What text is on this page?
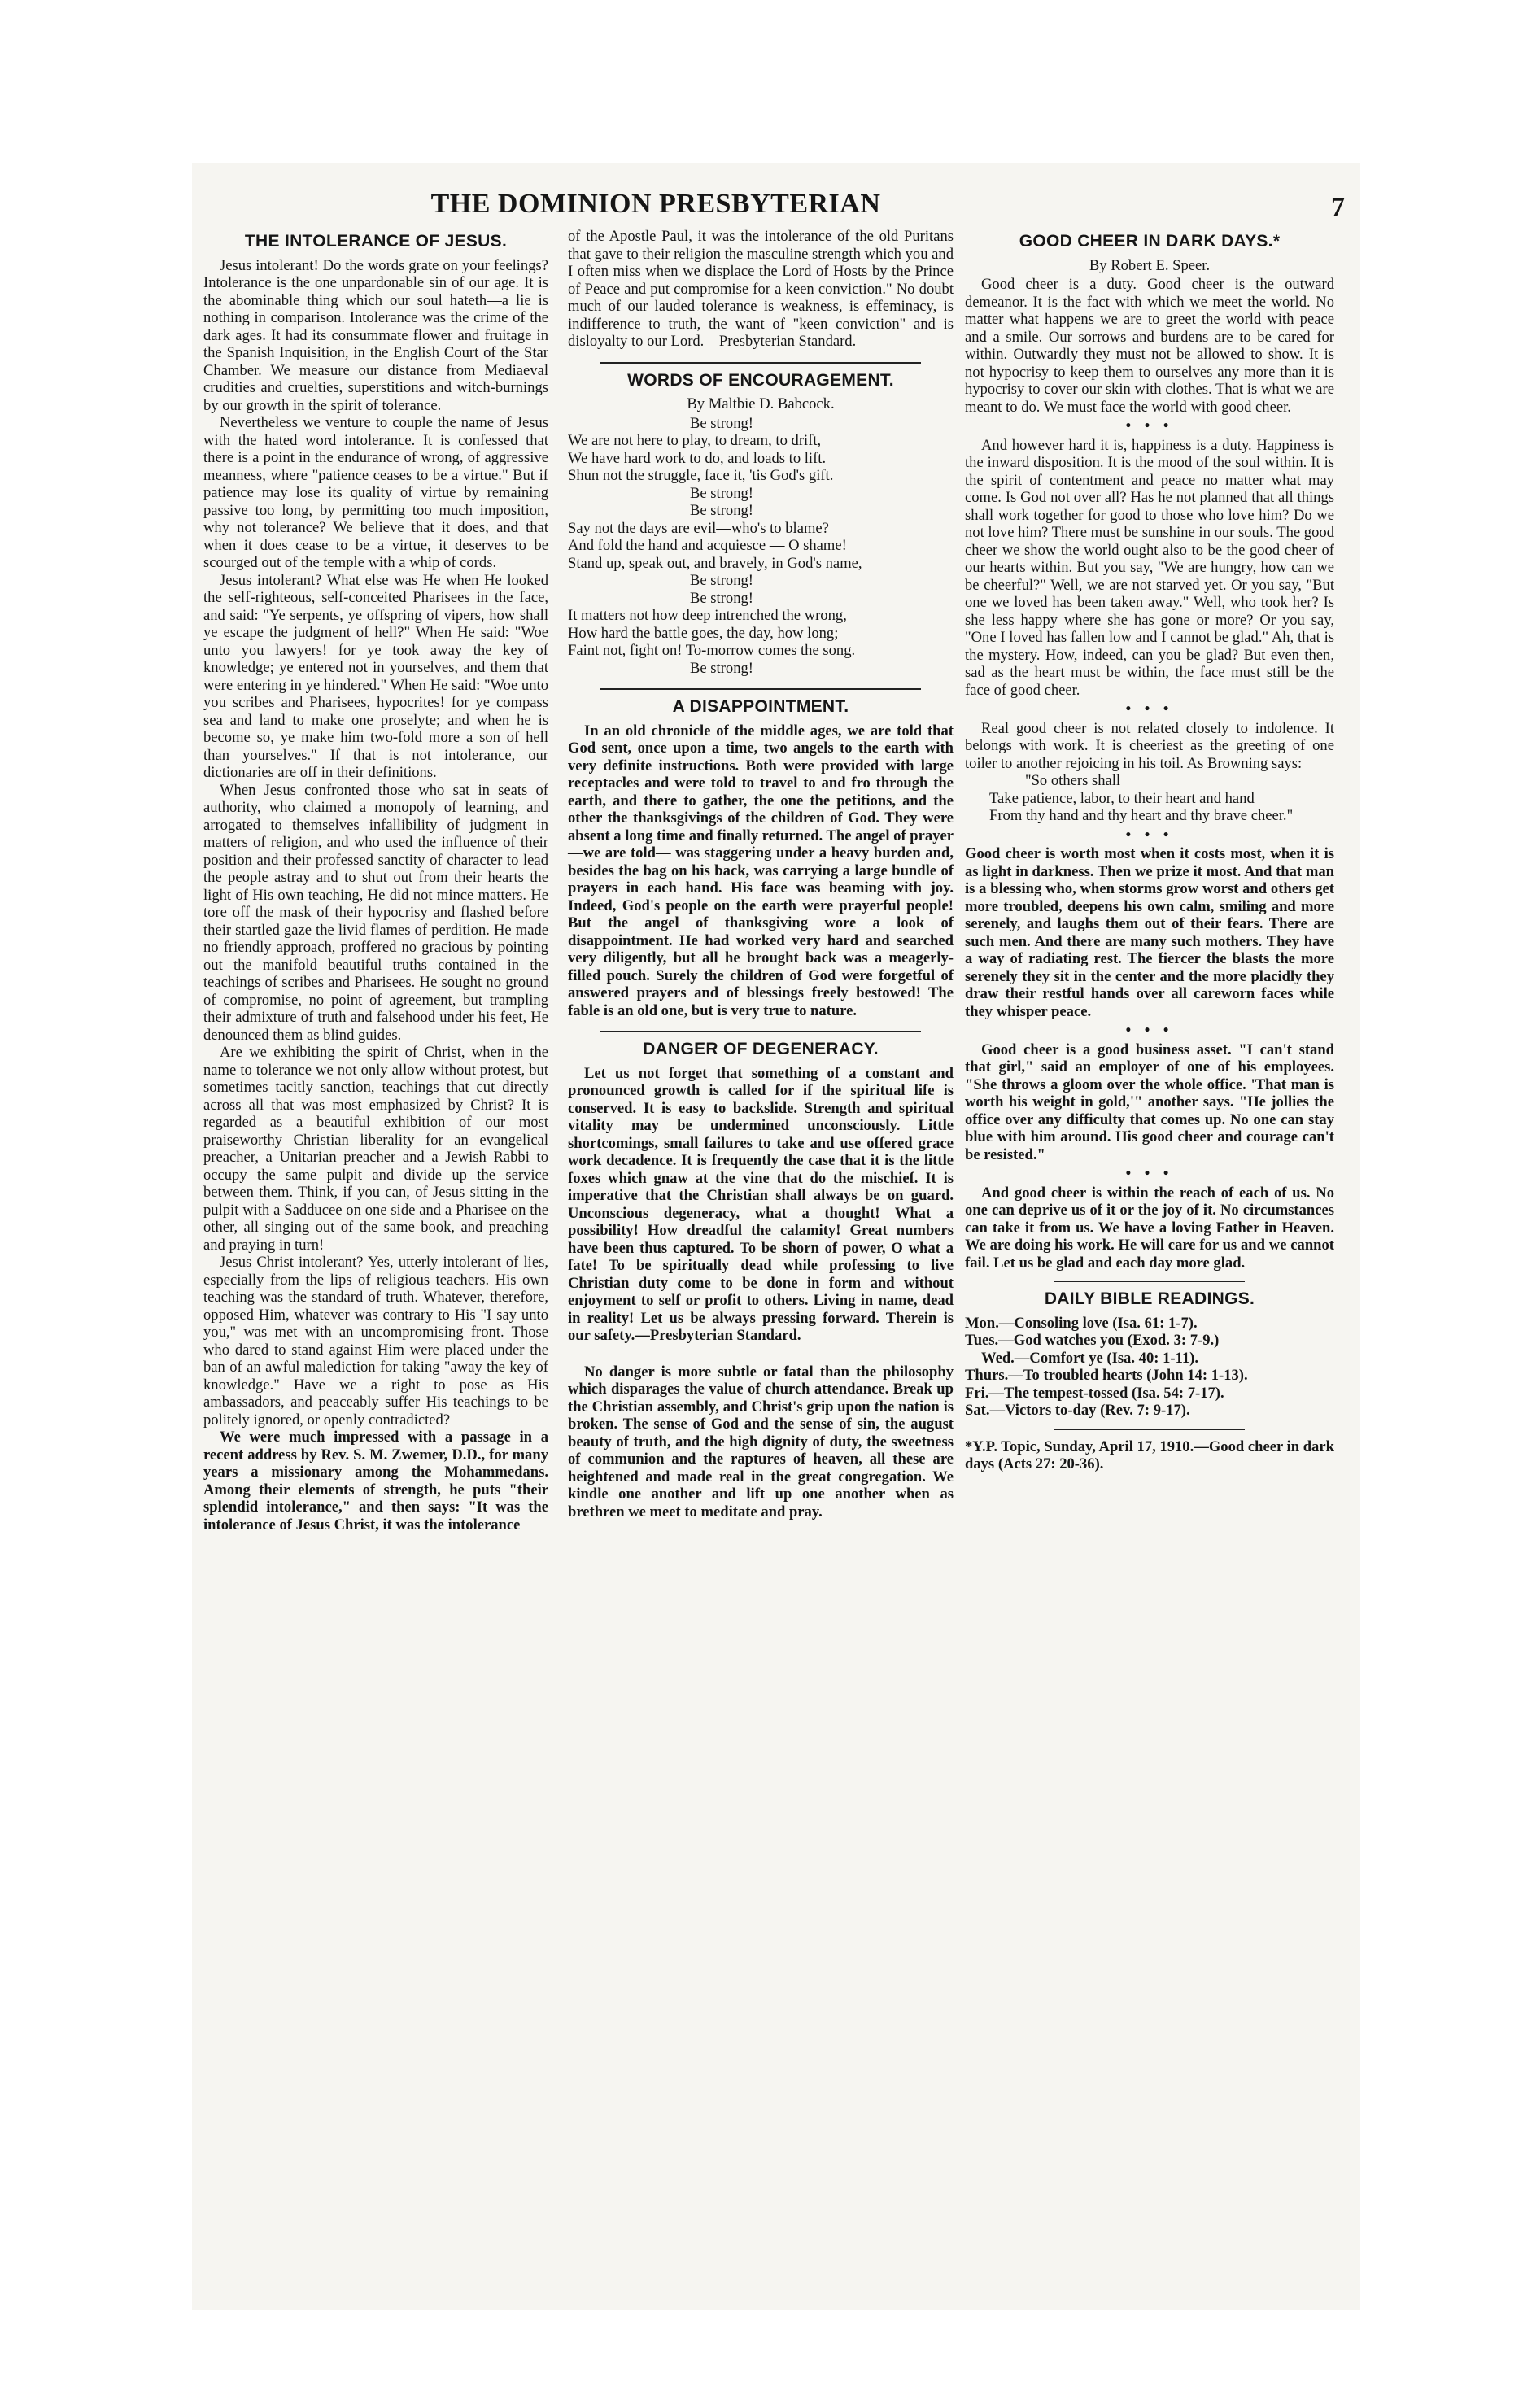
THE DOMINION PRESBYTERIAN	7
THE INTOLERANCE OF JESUS.

Jesus intolerant! Do the words grate on your feelings? Intolerance is the one unpardonable sin of our age. It is the abominable thing which our soul hateth—a lie is nothing in comparison. Intolerance was the crime of the dark ages. It had its consummate flower and fruitage in the Spanish Inquisition, in the English Court of the Star Chamber. We measure our distance from Mediaeval crudities and cruelties, superstitions and witch-burnings by our growth in the spirit of tolerance.

Nevertheless we venture to couple the name of Jesus with the hated word intolerance. It is confessed that there is a point in the endurance of wrong, of aggressive meanness, where "patience ceases to be a virtue." But if patience may lose its quality of virtue by remaining passive too long, by permitting too much imposition, why not tolerance? We believe that it does, and that when it does cease to be a virtue, it deserves to be scourged out of the temple with a whip of cords.

Jesus intolerant? What else was He when He looked the self-righteous, self-conceited Pharisees in the face, and said: "Ye serpents, ye offspring of vipers, how shall ye escape the judgment of hell?" When He said: "Woe unto you lawyers! for ye took away the key of knowledge; ye entered not in yourselves, and them that were entering in ye hindered." When He said: "Woe unto you scribes and Pharisees, hypocrites! for ye compass sea and land to make one proselyte; and when he is become so, ye make him two-fold more a son of hell than yourselves." If that is not intolerance, our dictionaries are off in their definitions.

When Jesus confronted those who sat in seats of authority, who claimed a monopoly of learning, and arrogated to themselves infallibility of judgment in matters of religion, and who used the influence of their position and their professed sanctity of character to lead the people astray and to shut out from their hearts the light of His own teaching, He did not mince matters. He tore off the mask of their hypocrisy and flashed before their startled gaze the livid flames of perdition. He made no friendly approach, proffered no gracious by pointing out the manifold beautiful truths contained in the teachings of scribes and Pharisees. He sought no ground of compromise, no point of agreement, but trampling their admixture of truth and falsehood under his feet, He denounced them as blind guides.

Are we exhibiting the spirit of Christ, when in the name to tolerance we not only allow without protest, but sometimes tacitly sanction, teachings that cut directly across all that was most emphasized by Christ? It is regarded as a beautiful exhibition of our most praiseworthy Christian liberality for an evangelical preacher, a Unitarian preacher and a Jewish Rabbi to occupy the same pulpit and divide up the service between them. Think, if you can, of Jesus sitting in the pulpit with a Sadducee on one side and a Pharisee on the other, all singing out of the same book, and preaching and praying in turn!

Jesus Christ intolerant? Yes, utterly intolerant of lies, especially from the lips of religious teachers. His own teaching was the standard of truth. Whatever, therefore, opposed Him, whatever was contrary to His "I say unto you," was met with an uncompromising front. Those who dared to stand against Him were placed under the ban of an awful malediction for taking "away the key of knowledge." Have we a right to pose as His ambassadors, and peaceably suffer His teachings to be politely ignored, or openly contradicted?

We were much impressed with a passage in a recent address by Rev. S. M. Zwemer, D.D., for many years a missionary among the Mohammedans. Among their elements of strength, he puts "their splendid intolerance," and then says: "It was the intolerance of Jesus Christ, it was the intolerance

of the Apostle Paul, it was the intolerance of the old Puritans that gave to their religion the masculine strength which you and I often miss when we displace the Lord of Hosts by the Prince of Peace and put compromise for a keen conviction." No doubt much of our lauded tolerance is weakness, is effeminacy, is indifference to truth, the want of "keen conviction" and is disloyalty to our Lord.—Presbyterian Standard.

WORDS OF ENCOURAGEMENT.
By Maltbie D. Babcock.
Be strong!
We are not here to play, to dream, to drift,
We have hard work to do, and loads to lift.
Shun not the struggle, face it, 'tis God's gift.
Be strong!
Be strong!
Say not the days are evil—who's to blame?
And fold the hand and acquiesce — O shame!
Stand up, speak out, and bravely, in God's name,
Be strong!
Be strong!
It matters not how deep intrenched the wrong,
How hard the battle goes, the day, how long;
Faint not, fight on! To-morrow comes the song.
Be strong!
A DISAPPOINTMENT.

In an old chronicle of the middle ages, we are told that God sent, once upon a time, two angels to the earth with very definite instructions. Both were provided with large receptacles and were told to travel to and fro through the earth, and there to gather, the one the petitions, and the other the thanksgivings of the children of God. They were absent a long time and finally returned. The angel of prayer—we are told— was staggering under a heavy burden and, besides the bag on his back, was carrying a large bundle of prayers in each hand. His face was beaming with joy. Indeed, God's people on the earth were prayerful people! But the angel of thanksgiving wore a look of disappointment. He had worked very hard and searched very diligently, but all he brought back was a meagerly-filled pouch. Surely the children of God were forgetful of answered prayers and of blessings freely bestowed! The fable is an old one, but is very true to nature.

DANGER OF DEGENERACY.

Let us not forget that something of a constant and pronounced growth is called for if the spiritual life is conserved. It is easy to backslide. Strength and spiritual vitality may be undermined unconsciously. Little shortcomings, small failures to take and use offered grace work decadence. It is frequently the case that it is the little foxes which gnaw at the vine that do the mischief. It is imperative that the Christian shall always be on guard. Unconscious degeneracy, what a thought! What a possibility! How dreadful the calamity! Great numbers have been thus captured. To be shorn of power, O what a fate! To be spiritually dead while professing to live Christian duty come to be done in form and without enjoyment to self or profit to others. Living in name, dead in reality! Let us be always pressing forward. Therein is our safety.—Presbyterian Standard.

No danger is more subtle or fatal than the philosophy which disparages the value of church attendance. Break up the Christian assembly, and Christ's grip upon the nation is broken. The sense of God and the sense of sin, the august beauty of truth, and the high dignity of duty, the sweetness of communion and the raptures of heaven, all these are heightened and made real in the great congregation. We kindle one another and lift up one another when as brethren we meet to meditate and pray.

GOOD CHEER IN DARK DAYS.*
By Robert E. Speer.

Good cheer is a duty. Good cheer is the outward demeanor. It is the fact with which we meet the world. No matter what happens we are to greet the world with peace and a smile. Our sorrows and burdens are to be cared for within. Outwardly they must not be allowed to show. It is not hypocrisy to keep them to ourselves any more than it is hypocrisy to cover our skin with clothes. That is what we are meant to do. We must face the world with good cheer.

• • •

And however hard it is, happiness is a duty. Happiness is the inward disposition. It is the mood of the soul within. It is the spirit of contentment and peace no matter what may come. Is God not over all? Has he not planned that all things shall work together for good to those who love him? Do we not love him? There must be sunshine in our souls. The good cheer we show the world ought also to be the good cheer of our hearts within. But you say, "We are hungry, how can we be cheerful?" Well, we are not starved yet. Or you say, "But one we loved has been taken away." Well, who took her? Is she less happy where she has gone or more? Or you say, "One I loved has fallen low and I cannot be glad." Ah, that is the mystery. How, indeed, can you be glad? But even then, sad as the heart must be within, the face must still be the face of good cheer.

• • •

Real good cheer is not related closely to indolence. It belongs with work. It is cheeriest as the greeting of one toiler to another rejoicing in his toil. As Browning says:

"So others shall
Take patience, labor, to their heart and hand
From thy hand and thy heart and thy brave cheer."
• • •

Good cheer is worth most when it costs most, when it is as light in darkness. Then we prize it most. And that man is a blessing who, when storms grow worst and others get more troubled, deepens his own calm, smiling and more serenely, and laughs them out of their fears. There are such men. And there are many such mothers. They have a way of radiating rest. The fiercer the blasts the more serenely they sit in the center and the more placidly they draw their restful hands over all careworn faces while they whisper peace.

• • •

Good cheer is a good business asset. "I can't stand that girl," said an employer of one of his employees. "She throws a gloom over the whole office. 'That man is worth his weight in gold,'" another says. "He jollies the office over any difficulty that comes up. No one can stay blue with him around. His good cheer and courage can't be resisted."

• • •

And good cheer is within the reach of each of us. No one can deprive us of it or the joy of it. No circumstances can take it from us. We have a loving Father in Heaven. We are doing his work. He will care for us and we cannot fail. Let us be glad and each day more glad.

DAILY BIBLE READINGS.
Mon.—Consoling love (Isa. 61: 1-7).
Tues.—God watches you (Exod. 3: 7-9.)
Wed.—Comfort ye (Isa. 40: 1-11).
Thurs.—To troubled hearts (John 14: 1-13).
Fri.—The tempest-tossed (Isa. 54: 7-17).
Sat.—Victors to-day (Rev. 7: 9-17).
*Y.P. Topic, Sunday, April 17, 1910.—Good cheer in dark days (Acts 27: 20-36).
